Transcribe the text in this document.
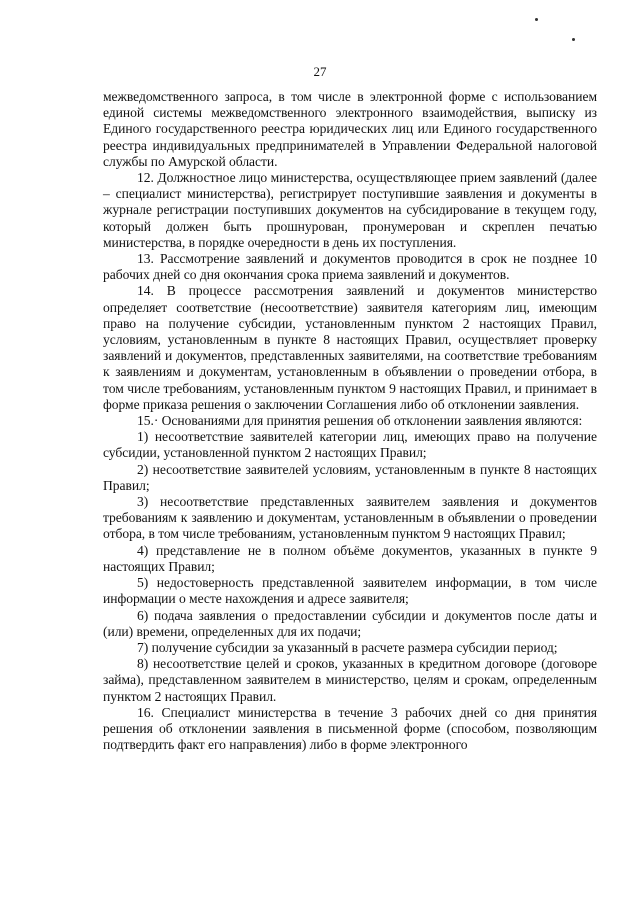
27

межведомственного запроса, в том числе в электронной форме с использованием единой системы межведомственного электронного взаимодействия, выписку из Единого государственного реестра юридических лиц или Единого государственного реестра индивидуальных предпринимателей в Управлении Федеральной налоговой службы по Амурской области.

12. Должностное лицо министерства, осуществляющее прием заявлений (далее – специалист министерства), регистрирует поступившие заявления и документы в журнале регистрации поступивших документов на субсидирование в текущем году, который должен быть прошнурован, пронумерован и скреплен печатью министерства, в порядке очередности в день их поступления.

13. Рассмотрение заявлений и документов проводится в срок не позднее 10 рабочих дней со дня окончания срока приема заявлений и документов.

14. В процессе рассмотрения заявлений и документов министерство определяет соответствие (несоответствие) заявителя категориям лиц, имеющим право на получение субсидии, установленным пунктом 2 настоящих Правил, условиям, установленным в пункте 8 настоящих Правил, осуществляет проверку заявлений и документов, представленных заявителями, на соответствие требованиям к заявлениям и документам, установленным в объявлении о проведении отбора, в том числе требованиям, установленным пунктом 9 настоящих Правил, и принимает в форме приказа решения о заключении Соглашения либо об отклонении заявления.

15.· Основаниями для принятия решения об отклонении заявления являются:

1) несоответствие заявителей категории лиц, имеющих право на получение субсидии, установленной пунктом 2 настоящих Правил;

2) несоответствие заявителей условиям, установленным в пункте 8 настоящих Правил;

3) несоответствие представленных заявителем заявления и документов требованиям к заявлению и документам, установленным в объявлении о проведении отбора, в том числе требованиям, установленным пунктом 9 настоящих Правил;

4) представление не в полном объёме документов, указанных в пункте 9 настоящих Правил;

5) недостоверность представленной заявителем информации, в том числе информации о месте нахождения и адресе заявителя;

6) подача заявления о предоставлении субсидии и документов после даты и (или) времени, определенных для их подачи;

7) получение субсидии за указанный в расчете размера субсидии период;

8) несоответствие целей и сроков, указанных в кредитном договоре (договоре займа), представленном заявителем в министерство, целям и срокам, определенным пунктом 2 настоящих Правил.

16. Специалист министерства в течение 3 рабочих дней со дня принятия решения об отклонении заявления в письменной форме (способом, позволяющим подтвердить факт его направления) либо в форме электронного
